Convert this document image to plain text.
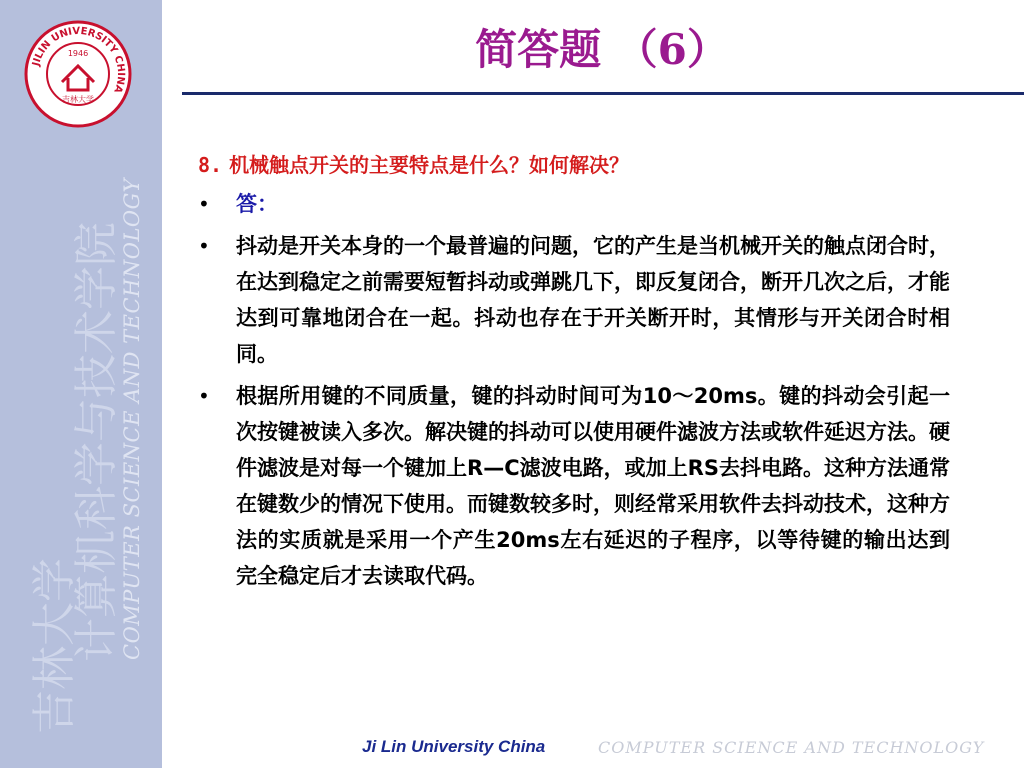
JILIN UNIVERSITY CHINA
1946
吉林大学
吉林大学
计算机科学与技术学院
COMPUTER SCIENCE AND TECHNOLOGY
简答题 （6）
8. 机械触点开关的主要特点是什么？如何解决？
•	答：
•	抖动是开关本身的一个最普遍的问题，它的产生是当机械开关的触点闭合时，在达到稳定之前需要短暂抖动或弹跳几下，即反复闭合，断开几次之后，才能达到可靠地闭合在一起。抖动也存在于开关断开时，其情形与开关闭合时相同。
•	根据所用键的不同质量，键的抖动时间可为10～20ms。键的抖动会引起一次按键被读入多次。解决键的抖动可以使用硬件滤波方法或软件延迟方法。硬件滤波是对每一个键加上R—C滤波电路，或加上RS去抖电路。这种方法通常在键数少的情况下使用。而键数较多时，则经常采用软件去抖动技术，这种方法的实质就是采用一个产生20ms左右延迟的子程序，以等待键的输出达到完全稳定后才去读取代码。
Ji Lin University China	COMPUTER SCIENCE AND TECHNOLOGY
